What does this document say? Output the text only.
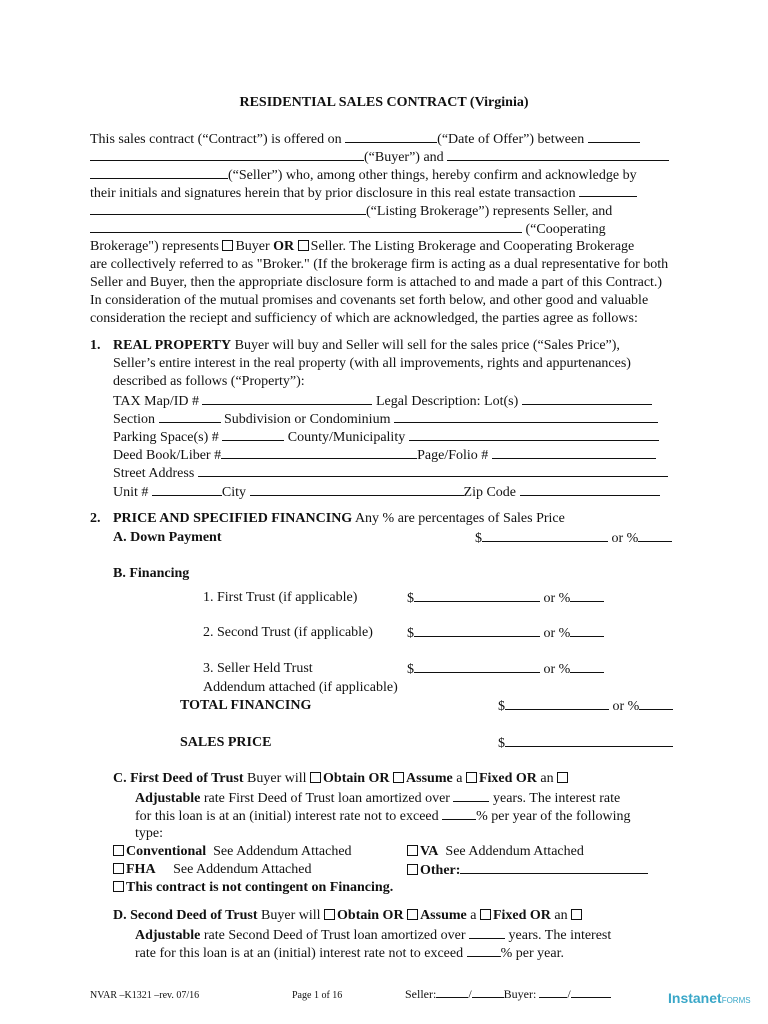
RESIDENTIAL SALES CONTRACT (Virginia)
This sales contract (“Contract”) is offered on	(“Date of Offer”) between
(“Buyer”) and
(“Seller”) who, among other things, hereby confirm and acknowledge by
their initials and signatures herein that by prior disclosure in this real estate transaction
(“Listing Brokerage”) represents Seller, and
(“Cooperating
Brokerage") represents Buyer OR Seller. The Listing Brokerage and Cooperating Brokerage
are collectively referred to as "Broker." (If the brokerage firm is acting as a dual representative for both
Seller and Buyer, then the appropriate disclosure form is attached to and made a part of this Contract.)
In consideration of the mutual promises and covenants set forth below, and other good and valuable
consideration the reciept and sufficiency of which are acknowledged, the parties agree as follows:
1. REAL PROPERTY Buyer will buy and Seller will sell for the sales price (“Sales Price”),
Seller’s entire interest in the real property (with all improvements, rights and appurtenances)
described as follows (“Property”):
TAX Map/ID #	Legal Description: Lot(s)
Section	Subdivision or Condominium
Parking Space(s) #	County/Municipality
Deed Book/Liber #	Page/Folio #
Street Address
Unit #	City	Zip Code
2. PRICE AND SPECIFIED FINANCING Any % are percentages of Sales Price
A. Down Payment	$	or %
B. Financing
1. First Trust (if applicable)	$	or %
2. Second Trust (if applicable) $	or %
3. Seller Held Trust	$	or %
Addendum attached (if applicable)
TOTAL FINANCING	$	or %
SALES PRICE	$
C. First Deed of Trust Buyer will Obtain OR Assume a Fixed OR an
Adjustable rate First Deed of Trust loan amortized over	years. The interest rate
for this loan is at an (initial) interest rate not to exceed	% per year of the following
type:
Conventional See Addendum Attached	VA See Addendum Attached
FHA See Addendum Attached	Other:
This contract is not contingent on Financing.
D. Second Deed of Trust Buyer will Obtain OR Assume a Fixed OR an
Adjustable rate Second Deed of Trust loan amortized over	years. The interest
rate for this loan is at an (initial) interest rate not to exceed	% per year.
NVAR –K1321 –rev. 07/16	Page 1 of 16	Seller:	/	Buyer:	/	InstanetFORMS
